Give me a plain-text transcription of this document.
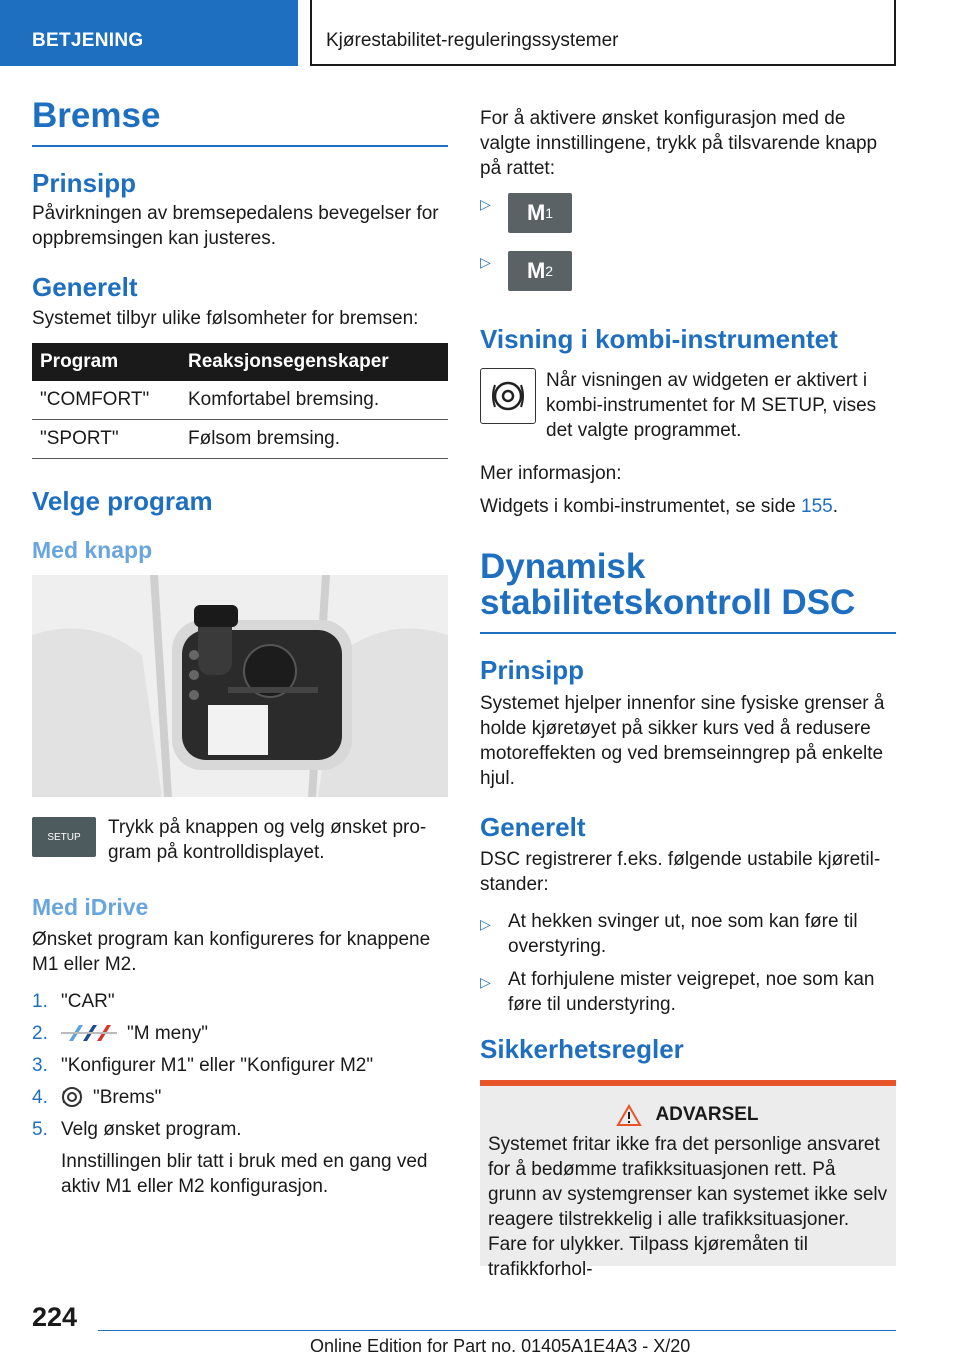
BETJENING	Kjørestabilitet-reguleringssystemer
Bremse
Prinsipp

Påvirkningen av bremsepedalens bevegelser for oppbremsingen kan justeres.

Generelt

Systemet tilbyr ulike følsomheter for bremsen:

Program	Reaksjonsegenskaper
"COMFORT"	Komfortabel bremsing.
"SPORT"	Følsom bremsing.
Velge program
Med knapp
SETUP Trykk på knappen og velg ønsket program på kontrolldisplayet.

Med iDrive

Ønsket program kan konfigureres for knappene M1 eller M2.

1. "CAR"
2.	"M meny"
3. "Konfigurer M1" eller "Konfigurer M2"
4.	"Brems"
5. Velg ønsket program.
Innstillingen blir tatt i bruk med en gang ved aktiv M1 eller M2 konfigurasjon.

For å aktivere ønsket konfigurasjon med de valgte innstillingene, trykk på tilsvarende knapp på rattet:

▷	M 1
▷	M 2
Visning i kombi-instrumentet

Når visningen av widgeten er aktivert i kombi-instrumentet for M SETUP, vises det valgte programmet.

Mer informasjon:

Widgets i kombi-instrumentet, se side 155.

Dynamisk stabilitetskontroll DSC
Prinsipp

Systemet hjelper innenfor sine fysiske grenser å holde kjøretøyet på sikker kurs ved å redusere motoreffekten og ved bremseinngrep på enkelte hjul.

Generelt

DSC registrerer f.eks. følgende ustabile kjøretilstander:

▷ At hekken svinger ut, noe som kan føre til overstyring.
▷ At forhjulene mister veigrepet, noe som kan føre til understyring.
Sikkerhetsregler
ADVARSEL

Systemet fritar ikke fra det personlige ansvaret for å bedømme trafikksituasjonen rett. På grunn av systemgrenser kan systemet ikke selv reagere tilstrekkelig i alle trafikksituasjoner. Fare for ulykker. Tilpass kjøremåten til trafikkforhol-

224
Online Edition for Part no. 01405A1E4A3 - X/20
